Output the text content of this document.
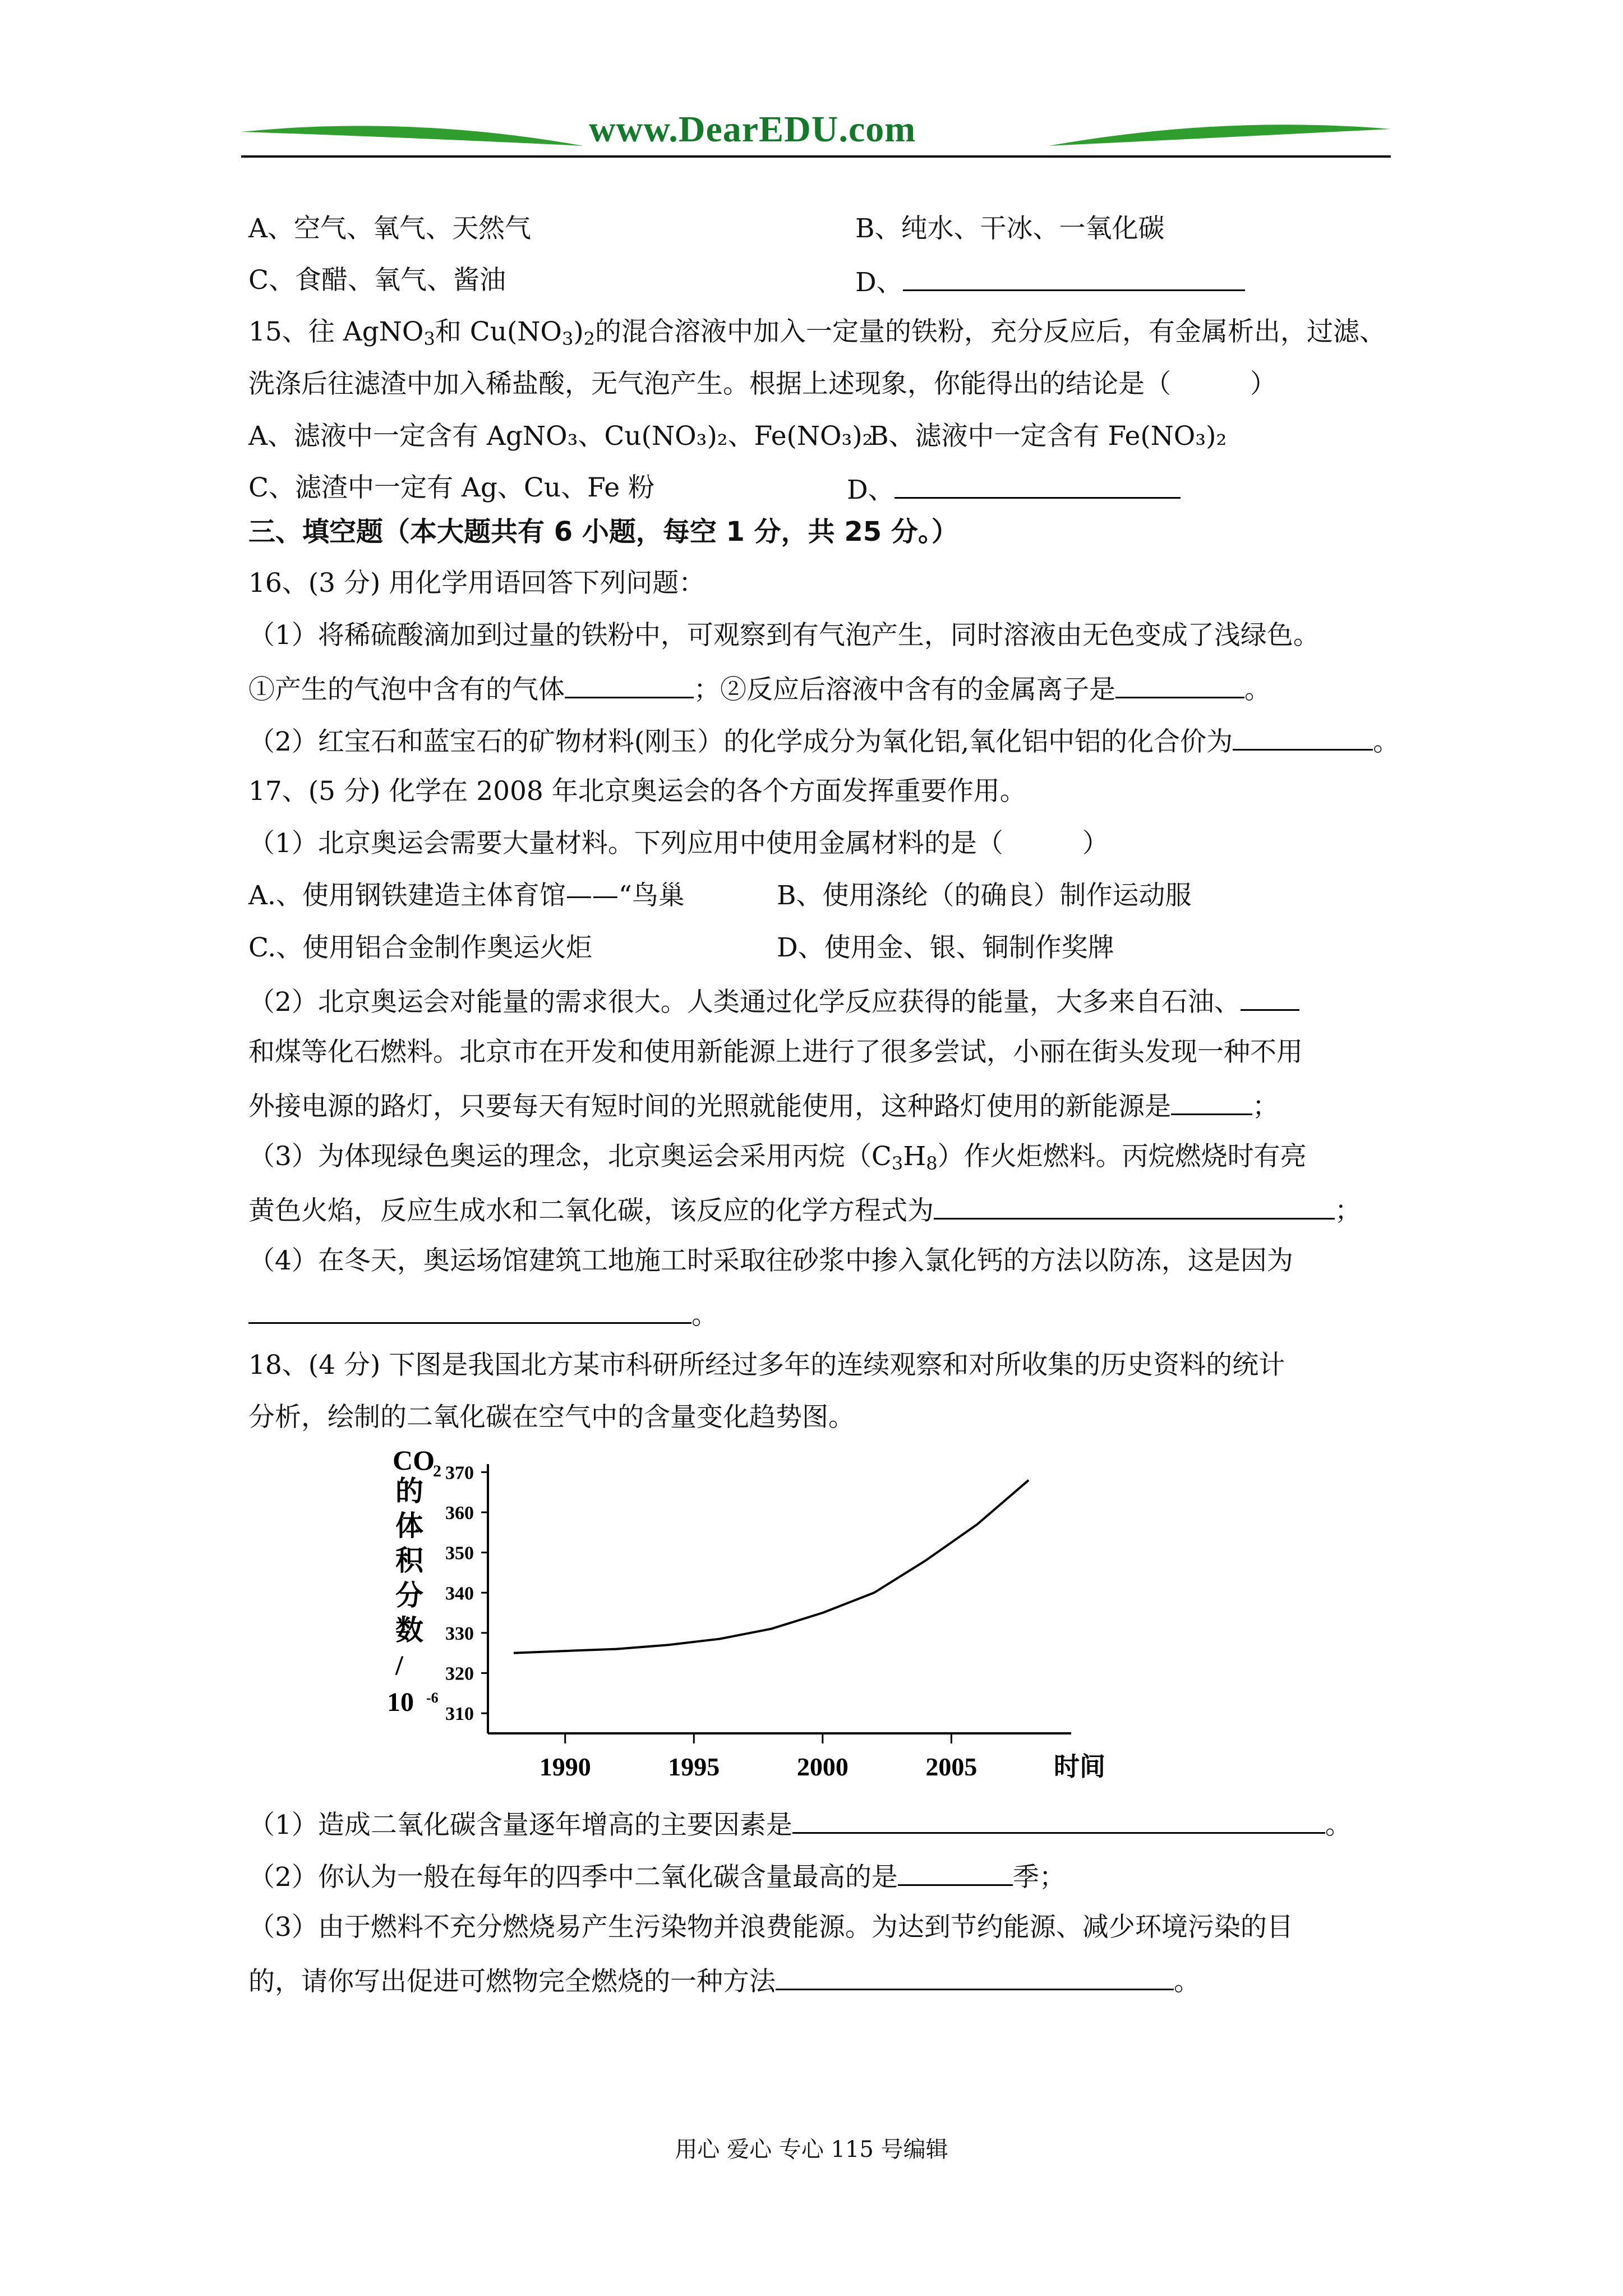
www.DearEDU.com
A、空气、氧气、天然气	B、纯水、干冰、一氧化碳
C、食醋、氧气、酱油	D、
15、往 AgNO$_3$和 $Cu(NO_3)_2$的混合溶液中加入一定量的铁粉，充分反应后，有金属析出，过滤、
洗涤后往滤渣中加入稀盐酸，无气泡产生。根据上述现象，你能得出的结论是（　　　）
A、滤液中一定含有 AgNO₃、Cu(NO₃)₂、Fe(NO₃)₂
B、滤液中一定含有 Fe(NO₃)₂
C、滤渣中一定有 Ag、Cu、Fe 粉	D、
三、填空题（本大题共有 6 小题，每空 1 分，共 25 分。）
16、(3 分) 用化学用语回答下列问题：
（1）将稀硫酸滴加到过量的铁粉中，可观察到有气泡产生，同时溶液由无色变成了浅绿色。
①产生的气泡中含有的气体	；②反应后溶液中含有的金属离子是	。
（2）红宝石和蓝宝石的矿物材料(刚玉）的化学成分为氧化铝,氧化铝中铝的化合价为	。
17、(5 分) 化学在 2008 年北京奥运会的各个方面发挥重要作用。
（1）北京奥运会需要大量材料。下列应用中使用金属材料的是（　　　）
A.、使用钢铁建造主体育馆——“鸟巢	B、使用涤纶（的确良）制作运动服
C.、使用铝合金制作奥运火炬	D、使用金、银、铜制作奖牌
（2）北京奥运会对能量的需求很大。人类通过化学反应获得的能量，大多来自石油、
和煤等化石燃料。北京市在开发和使用新能源上进行了很多尝试，小丽在街头发现一种不用
外接电源的路灯，只要每天有短时间的光照就能使用，这种路灯使用的新能源是	；
（3）为体现绿色奥运的理念，北京奥运会采用丙烷$(C_3H_8)$作火炬燃料。丙烷燃烧时有亮
黄色火焰，反应生成水和二氧化碳，该反应的化学方程式为	；
（4）在冬天，奥运场馆建筑工地施工时采取往砂浆中掺入氯化钙的方法以防冻，这是因为
。
18、(4 分) 下图是我国北方某市科研所经过多年的连续观察和对所收集的历史资料的统计
分析，绘制的二氧化碳在空气中的含量变化趋势图。
CO
2
的
体
积
分
数
/
10 -6
310
320
330
340
350
360
370
1990	1995	2000	2005	时间
（1）造成二氧化碳含量逐年增高的主要因素是	。
（2）你认为一般在每年的四季中二氧化碳含量最高的是	季；
（3）由于燃料不充分燃烧易产生污染物并浪费能源。为达到节约能源、减少环境污染的目
的，请你写出促进可燃物完全燃烧的一种方法	。
用心 爱心 专心 115 号编辑
